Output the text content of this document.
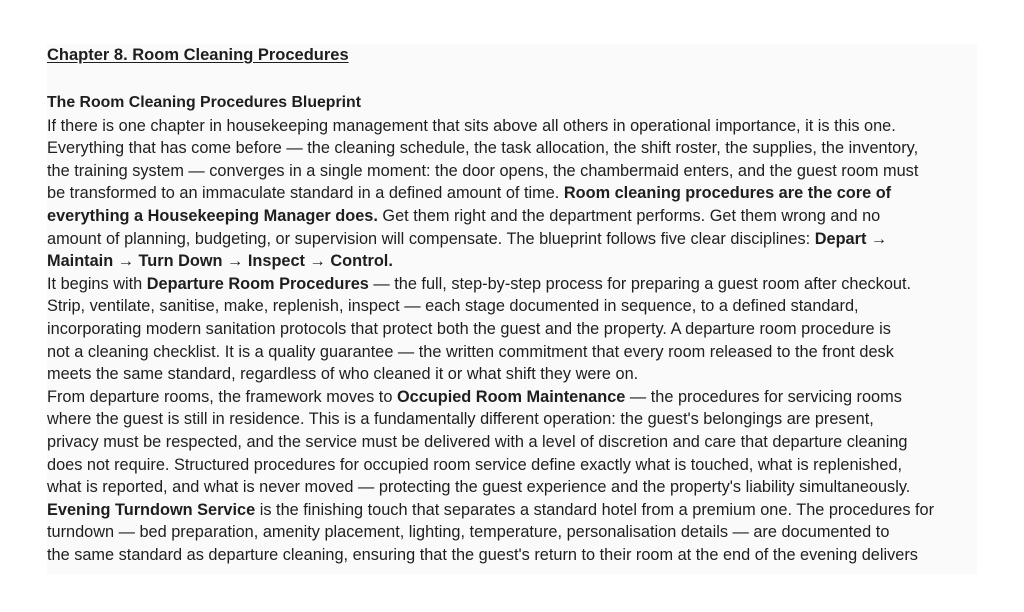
Chapter 8. Room Cleaning Procedures
The Room Cleaning Procedures Blueprint
If there is one chapter in housekeeping management that sits above all others in operational importance, it is this one.
Everything that has come before — the cleaning schedule, the task allocation, the shift roster, the supplies, the inventory,
the training system — converges in a single moment: the door opens, the chambermaid enters, and the guest room must
be transformed to an immaculate standard in a defined amount of time. Room cleaning procedures are the core of
everything a Housekeeping Manager does. Get them right and the department performs. Get them wrong and no
amount of planning, budgeting, or supervision will compensate. The blueprint follows five clear disciplines: Depart →
Maintain → Turn Down → Inspect → Control.
It begins with Departure Room Procedures — the full, step-by-step process for preparing a guest room after checkout.
Strip, ventilate, sanitise, make, replenish, inspect — each stage documented in sequence, to a defined standard,
incorporating modern sanitation protocols that protect both the guest and the property. A departure room procedure is
not a cleaning checklist. It is a quality guarantee — the written commitment that every room released to the front desk
meets the same standard, regardless of who cleaned it or what shift they were on.
From departure rooms, the framework moves to Occupied Room Maintenance — the procedures for servicing rooms
where the guest is still in residence. This is a fundamentally different operation: the guest's belongings are present,
privacy must be respected, and the service must be delivered with a level of discretion and care that departure cleaning
does not require. Structured procedures for occupied room service define exactly what is touched, what is replenished,
what is reported, and what is never moved — protecting the guest experience and the property's liability simultaneously.
Evening Turndown Service is the finishing touch that separates a standard hotel from a premium one. The procedures for
turndown — bed preparation, amenity placement, lighting, temperature, personalisation details — are documented to
the same standard as departure cleaning, ensuring that the guest's return to their room at the end of the evening delivers
